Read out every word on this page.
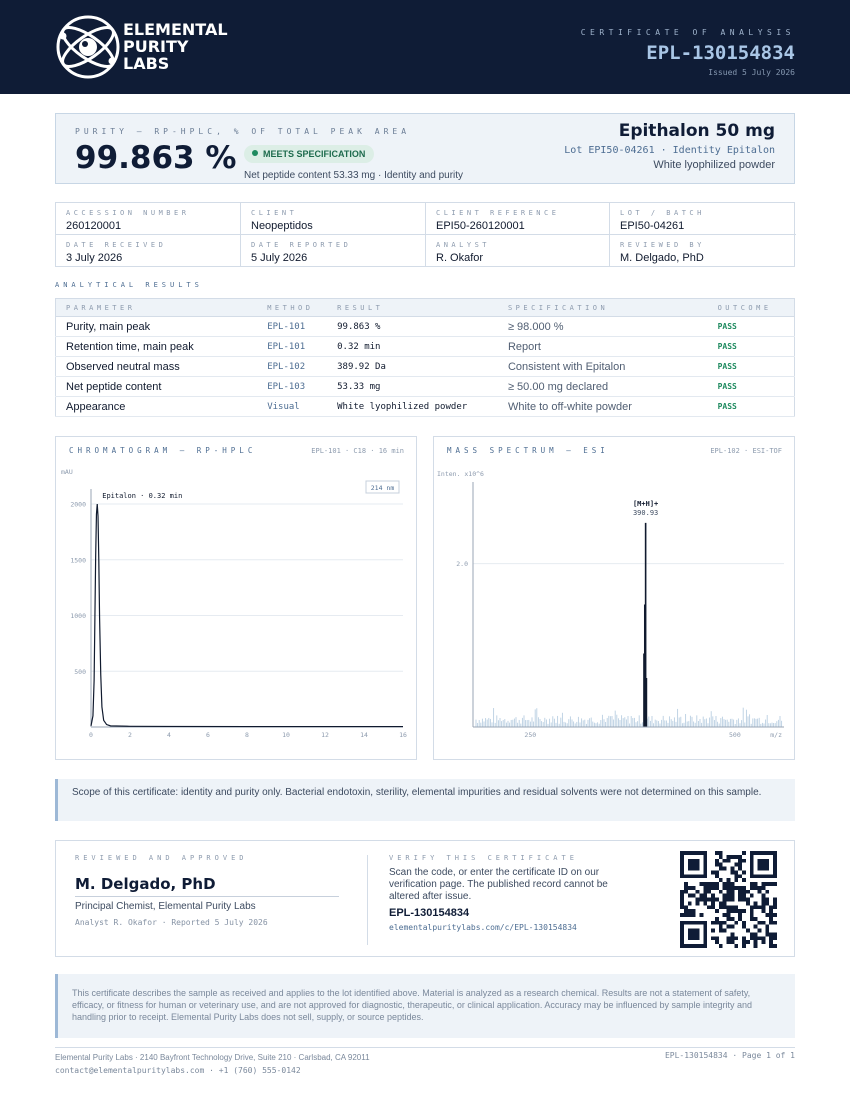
ELEMENTAL
PURITY
LABS
CERTIFICATE OF ANALYSIS
EPL-130154834
Issued 5 July 2026
PURITY — RP-HPLC, % OF TOTAL PEAK AREA
99.863 %	MEETS SPECIFICATION
Net peptide content 53.33 mg · Identity and purity
Epithalon 50 mg
Lot EPI50-04261 · Identity Epitalon
White lyophilized powder
ACCESSION NUMBER
260120001
CLIENT
Neopeptidos
CLIENT REFERENCE
EPI50-260120001
LOT / BATCH
EPI50-04261
DATE RECEIVED
3 July 2026
DATE REPORTED
5 July 2026
ANALYST
R. Okafor
REVIEWED BY
M. Delgado, PhD
ANALYTICAL RESULTS
PARAMETER	METHOD	RESULT	SPECIFICATION	OUTCOME
Purity, main peak	EPL-101	99.863 %	≥ 98.000 %	PASS
Retention time, main peak	EPL-101	0.32 min	Report	PASS
Observed neutral mass	EPL-102	389.92 Da	Consistent with Epitalon	PASS
Net peptide content	EPL-103	53.33 mg	≥ 50.00 mg declared	PASS
Appearance	Visual	White lyophilized powder	White to off-white powder	PASS
CHROMATOGRAM — RP-HPLC	EPL-101 · C18 · 16 min
mAU
214 nm
500
1000
1500
2000
0	2	4	6	8	10	12	14	16
Epitalon · 0.32 min
MASS SPECTRUM — ESI	EPL-102 · ESI-TOF
Inten. x10^6
250	500
2.0
m/z
[M+H]+
390.93
Scope of this certificate: identity and purity only. Bacterial endotoxin, sterility, elemental impurities and residual solvents were not determined on this sample.
REVIEWED AND APPROVED
M. Delgado, PhD
Principal Chemist, Elemental Purity Labs
Analyst R. Okafor · Reported 5 July 2026
VERIFY THIS CERTIFICATE
Scan the code, or enter the certificate ID on our verification page. The published record cannot be altered after issue.
EPL-130154834
elementalpuritylabs.com/c/EPL-130154834
This certificate describes the sample as received and applies to the lot identified above. Material is analyzed as a research chemical. Results are not a statement of safety, efficacy, or fitness for human or veterinary use, and are not approved for diagnostic, therapeutic, or clinical application. Accuracy may be influenced by sample integrity and handling prior to receipt. Elemental Purity Labs does not sell, supply, or source peptides.
Elemental Purity Labs · 2140 Bayfront Technology Drive, Suite 210 · Carlsbad, CA 92011
contact@elementalpuritylabs.com · +1 (760) 555-0142
EPL-130154834 · Page 1 of 1
